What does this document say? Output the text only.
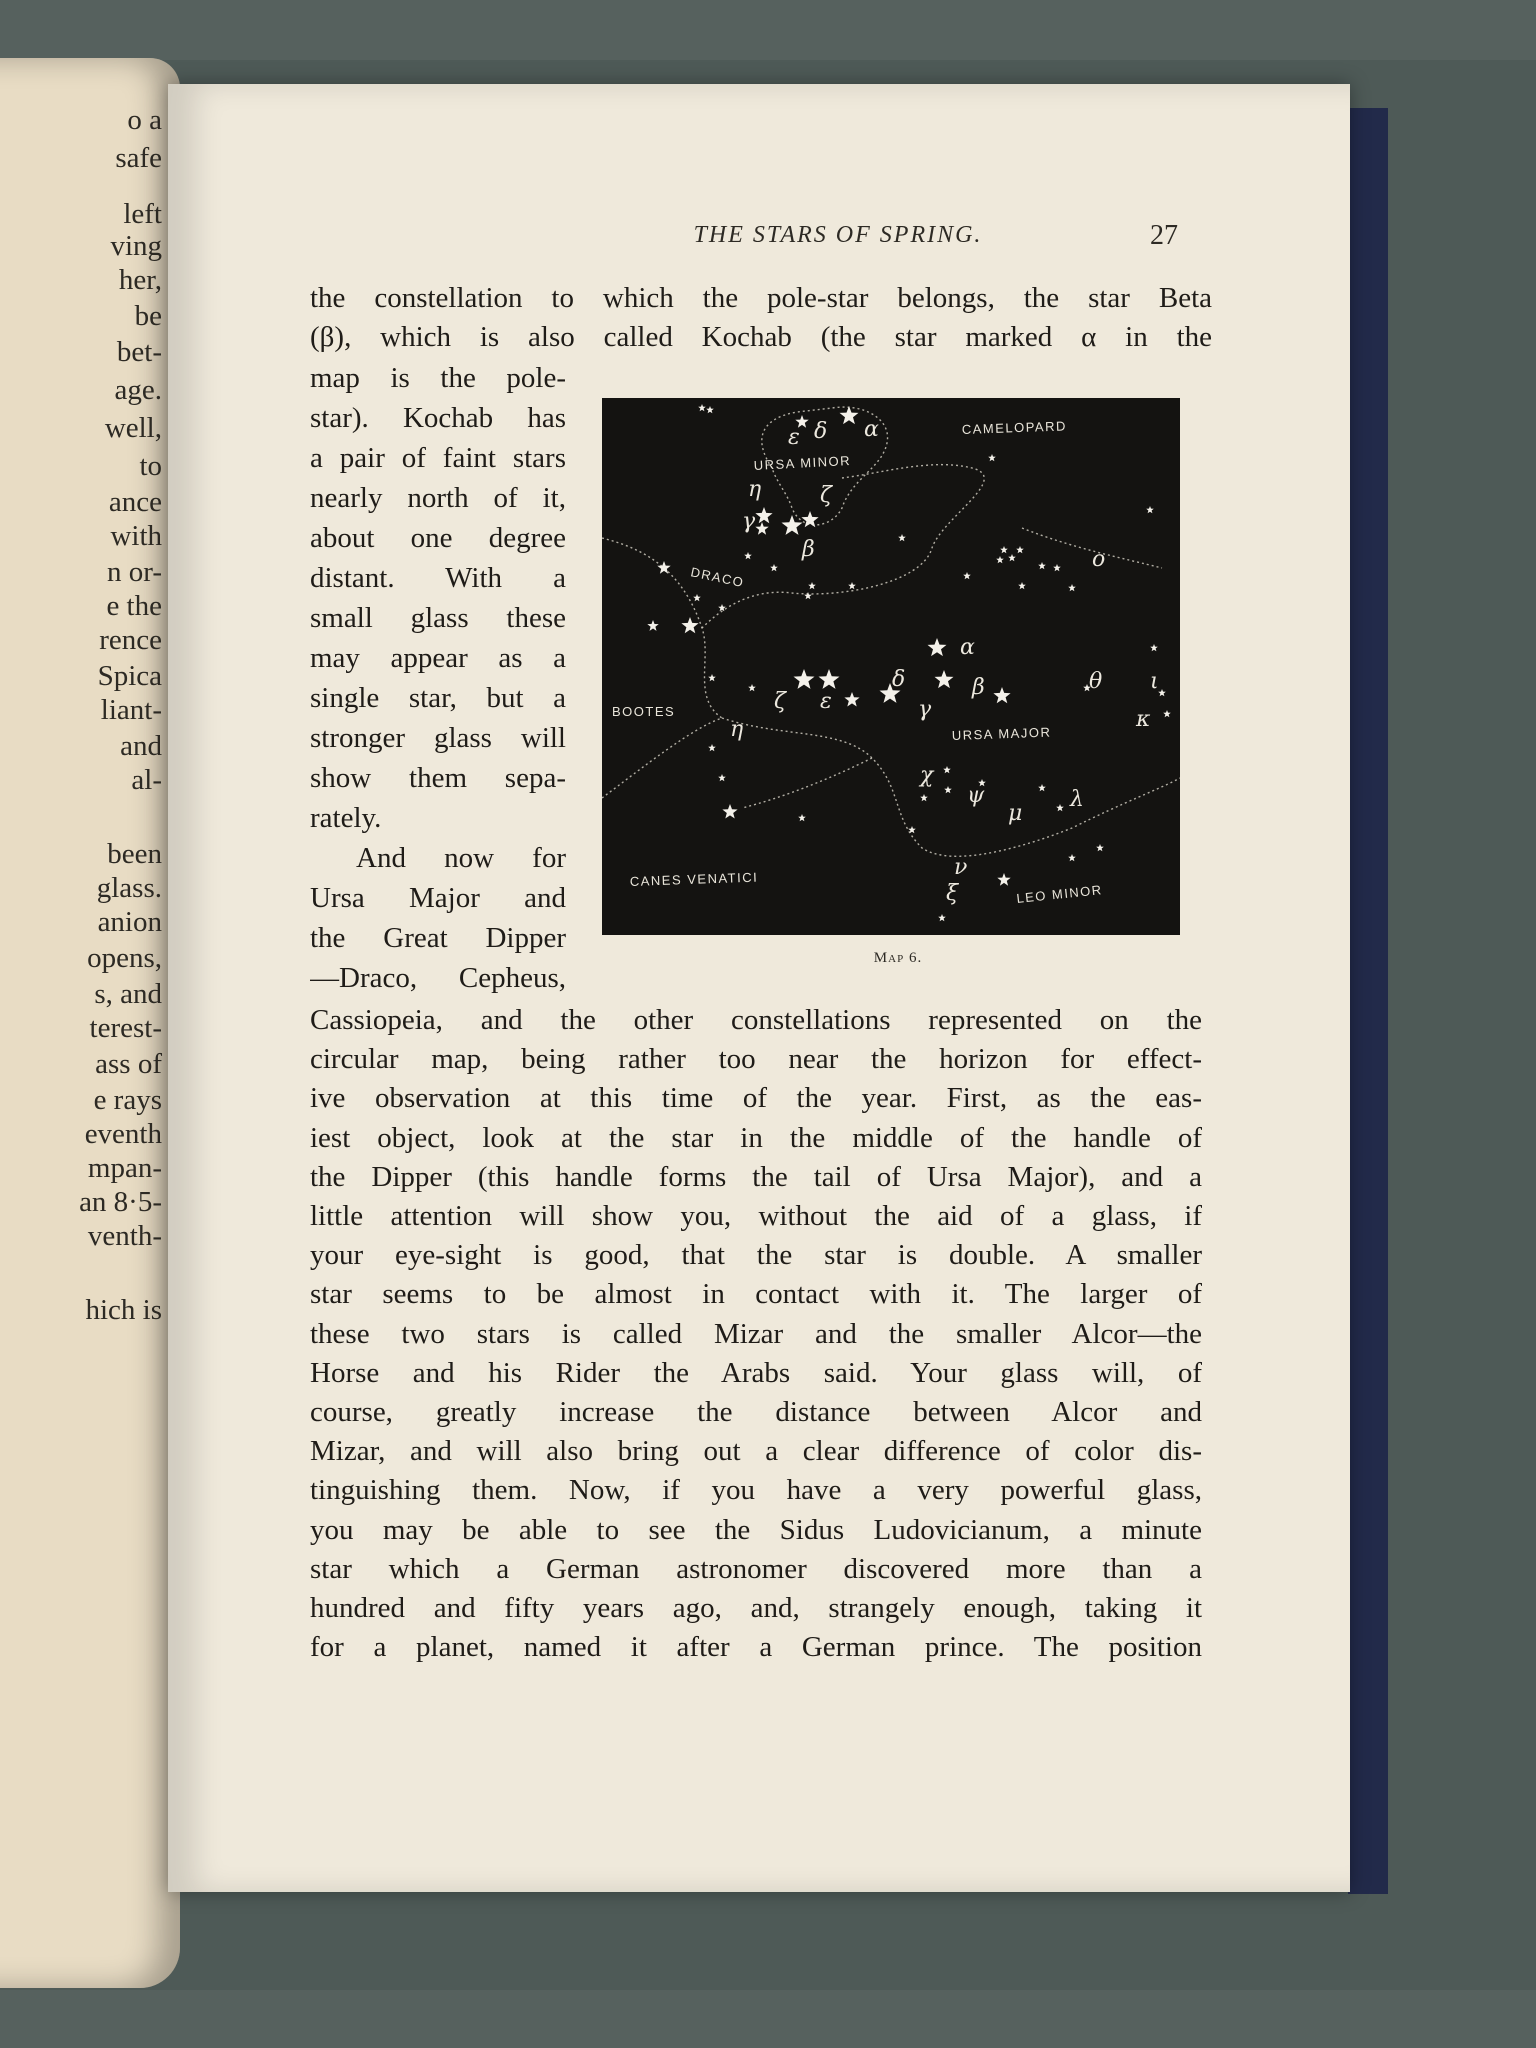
o a
safe
left
ving
her,
be
bet-
age.
well,
to
ance
with
n or-
e the
rence
Spica
liant-
and
al-
been
glass.
anion
opens,
s, and
terest-
ass of
e rays
eventh
mpan-
an 8·5-
venth-
hich is
THE STARS OF SPRING.	27
the constellation to which the pole-star belongs, the star Beta
(β), which is also called Kochab (the star marked α in the
map is the pole-
star). Kochab has
a pair of faint stars
nearly north of it,
about one degree
distant. With a
small glass these
may appear as a
single star, but a
stronger glass will
show them sepa-
rately.
And now for
Ursa Major and
the Great Dipper
—Draco, Cepheus,
Cassiopeia, and the other constellations represented on the
circular map, being rather too near the horizon for effect-
ive observation at this time of the year. First, as the eas-
iest object, look at the star in the middle of the handle of
the Dipper (this handle forms the tail of Ursa Major), and a
little attention will show you, without the aid of a glass, if
your eye-sight is good, that the star is double. A smaller
star seems to be almost in contact with it. The larger of
these two stars is called Mizar and the smaller Alcor—the
Horse and his Rider the Arabs said. Your glass will, of
course, greatly increase the distance between Alcor and
Mizar, and will also bring out a clear difference of color dis-
tinguishing them. Now, if you have a very powerful glass,
you may be able to see the Sidus Ludovicianum, a minute
star which a German astronomer discovered more than a
hundred and fifty years ago, and, strangely enough, taking it
for a planet, named it after a German prince. The position
CAMELOPARD
URSA MINOR
DRACO
BOOTES
URSA MAJOR
CANES VENATICI
LEO MINOR
ε δ α
η	ζ
γ
β	ο
α
δ	β	θ ι
κ
ζ ε
η
γ
χ
ψ
μ
λ
ν
ξ
Map 6.
